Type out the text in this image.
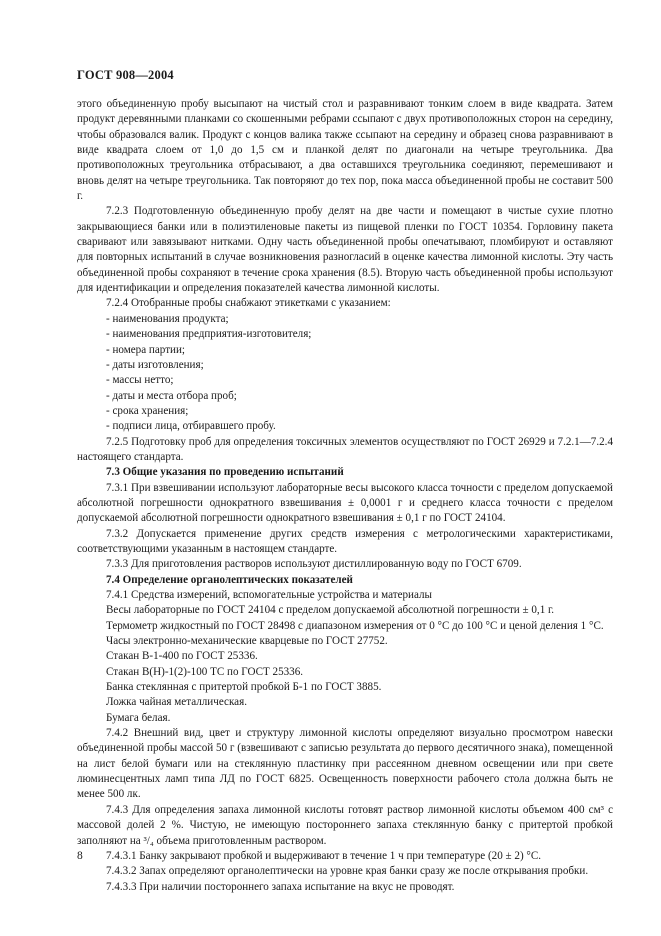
ГОСТ 908—2004

этого объединенную пробу высыпают на чистый стол и разравнивают тонким слоем в виде квадрата. Затем продукт деревянными планками со скошенными ребрами ссыпают с двух противоположных сторон на середину, чтобы образовался валик. Продукт с концов валика также ссыпают на середину и образец снова разравнивают в виде квадрата слоем от 1,0 до 1,5 см и планкой делят по диагонали на четыре треугольника. Два противоположных треугольника отбрасывают, а два оставшихся треугольника соединяют, перемешивают и вновь делят на четыре треугольника. Так повторяют до тех пор, пока масса объединенной пробы не составит 500 г.

7.2.3 Подготовленную объединенную пробу делят на две части и помещают в чистые сухие плотно закрывающиеся банки или в полиэтиленовые пакеты из пищевой пленки по ГОСТ 10354. Горловину пакета сваривают или завязывают нитками. Одну часть объединенной пробы опечатывают, пломбируют и оставляют для повторных испытаний в случае возникновения разногласий в оценке качества лимонной кислоты. Эту часть объединенной пробы сохраняют в течение срока хранения (8.5). Вторую часть объединенной пробы используют для идентификации и определения показателей качества лимонной кислоты.

7.2.4 Отобранные пробы снабжают этикетками с указанием:

- наименования продукта;

- наименования предприятия-изготовителя;

- номера партии;

- даты изготовления;

- массы нетто;

- даты и места отбора проб;

- срока хранения;

- подписи лица, отбиравшего пробу.

7.2.5 Подготовку проб для определения токсичных элементов осуществляют по ГОСТ 26929 и 7.2.1—7.2.4 настоящего стандарта.

7.3 Общие указания по проведению испытаний

7.3.1 При взвешивании используют лабораторные весы высокого класса точности с пределом допускаемой абсолютной погрешности однократного взвешивания ± 0,0001 г и среднего класса точности с пределом допускаемой абсолютной погрешности однократного взвешивания ± 0,1 г по ГОСТ 24104.

7.3.2 Допускается применение других средств измерения с метрологическими характеристиками, соответствующими указанным в настоящем стандарте.

7.3.3 Для приготовления растворов используют дистиллированную воду по ГОСТ 6709.

7.4 Определение органолептических показателей

7.4.1 Средства измерений, вспомогательные устройства и материалы

Весы лабораторные по ГОСТ 24104 с пределом допускаемой абсолютной погрешности ± 0,1 г.

Термометр жидкостный по ГОСТ 28498 с диапазоном измерения от 0 °С до 100 °С и ценой деления 1 °С.

Часы электронно-механические кварцевые по ГОСТ 27752.

Стакан В-1-400 по ГОСТ 25336.

Стакан В(Н)-1(2)-100 ТС по ГОСТ 25336.

Банка стеклянная с притертой пробкой Б-1 по ГОСТ 3885.

Ложка чайная металлическая.

Бумага белая.

7.4.2 Внешний вид, цвет и структуру лимонной кислоты определяют визуально просмотром навески объединенной пробы массой 50 г (взвешивают с записью результата до первого десятичного знака), помещенной на лист белой бумаги или на стеклянную пластинку при рассеянном дневном освещении или при свете люминесцентных ламп типа ЛД по ГОСТ 6825. Освещенность поверхности рабочего стола должна быть не менее 500 лк.

7.4.3 Для определения запаха лимонной кислоты готовят раствор лимонной кислоты объемом 400 см³ с массовой долей 2 %. Чистую, не имеющую постороннего запаха стеклянную банку с притертой пробкой заполняют на ³/₄ объема приготовленным раствором.

7.4.3.1 Банку закрывают пробкой и выдерживают в течение 1 ч при температуре (20 ± 2) °С.

7.4.3.2 Запах определяют органолептически на уровне края банки сразу же после открывания пробки.

7.4.3.3 При наличии постороннего запаха испытание на вкус не проводят.

8
